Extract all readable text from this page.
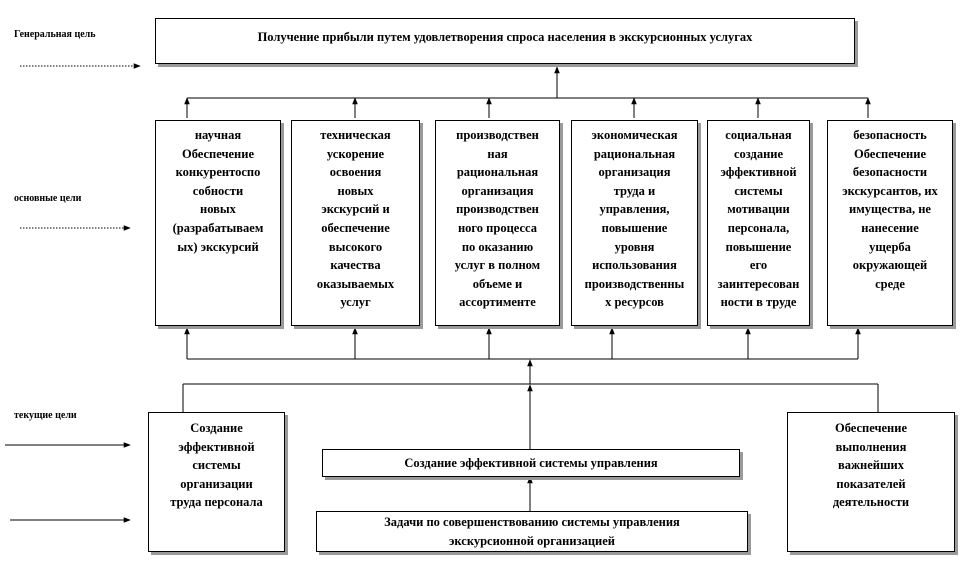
Генеральная цель
основные цели
текущие цели
Получение прибыли путем удовлетворения спроса населения в экскурсионных услугах
научная
Обеспечение
конкурентоспо
собности
новых
(разрабатываем
ых) экскурсий
техническая
ускорение
освоения
новых
экскурсий и
обеспечение
высокого
качества
оказываемых
услуг
производствен
ная
рациональная
организация
производствен
ного процесса
по оказанию
услуг в полном
объеме и
ассортименте
экономическая
рациональная
организация
труда и
управления,
повышение
уровня
использования
производственны
х ресурсов
социальная
создание
эффективной
системы
мотивации
персонала,
повышение
его
заинтересован
ности в труде
безопасность
Обеспечение
безопасности
экскурсантов, их
имущества, не
нанесение
ущерба
окружающей
среде
Создание
эффективной
системы
организации
труда персонала
Создание эффективной системы управления
Обеспечение
выполнения
важнейших
показателей
деятельности
Задачи по совершенствованию системы управления
экскурсионной организацией
